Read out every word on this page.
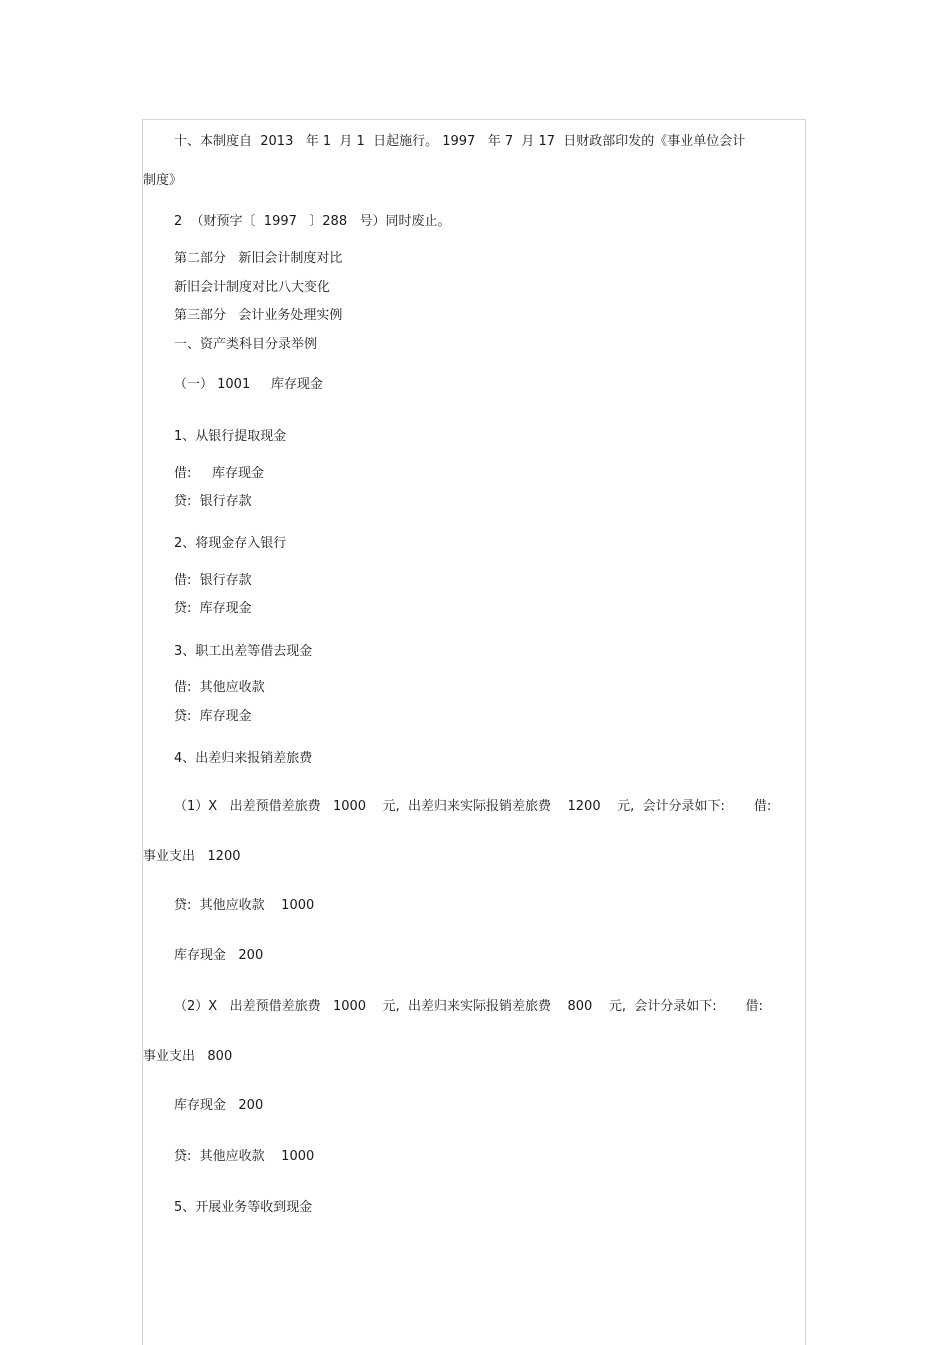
十、本制度自  2013   年 1  月 1  日起施行。 1997   年 7  月 17  日财政部印发的《事业单位会计

制度》

2  （财预字〔  1997   〕288   号）同时废止。

第二部分   新旧会计制度对比

新旧会计制度对比八大变化

第三部分   会计业务处理实例

一、资产类科目分录举例

（一） 1001     库存现金

1、从银行提取现金

借:     库存现金

贷:  银行存款

2、将现金存入银行

借:  银行存款

贷:  库存现金

3、职工出差等借去现金

借:  其他应收款

贷:  库存现金

4、出差归来报销差旅费

（1）X   出差预借差旅费   1000    元,  出差归来实际报销差旅费    1200    元,  会计分录如下:       借:

事业支出   1200

贷:  其他应收款    1000

库存现金   200

（2）X   出差预借差旅费   1000    元,  出差归来实际报销差旅费    800    元,  会计分录如下:       借:

事业支出   800

库存现金   200

贷:  其他应收款    1000

5、开展业务等收到现金
